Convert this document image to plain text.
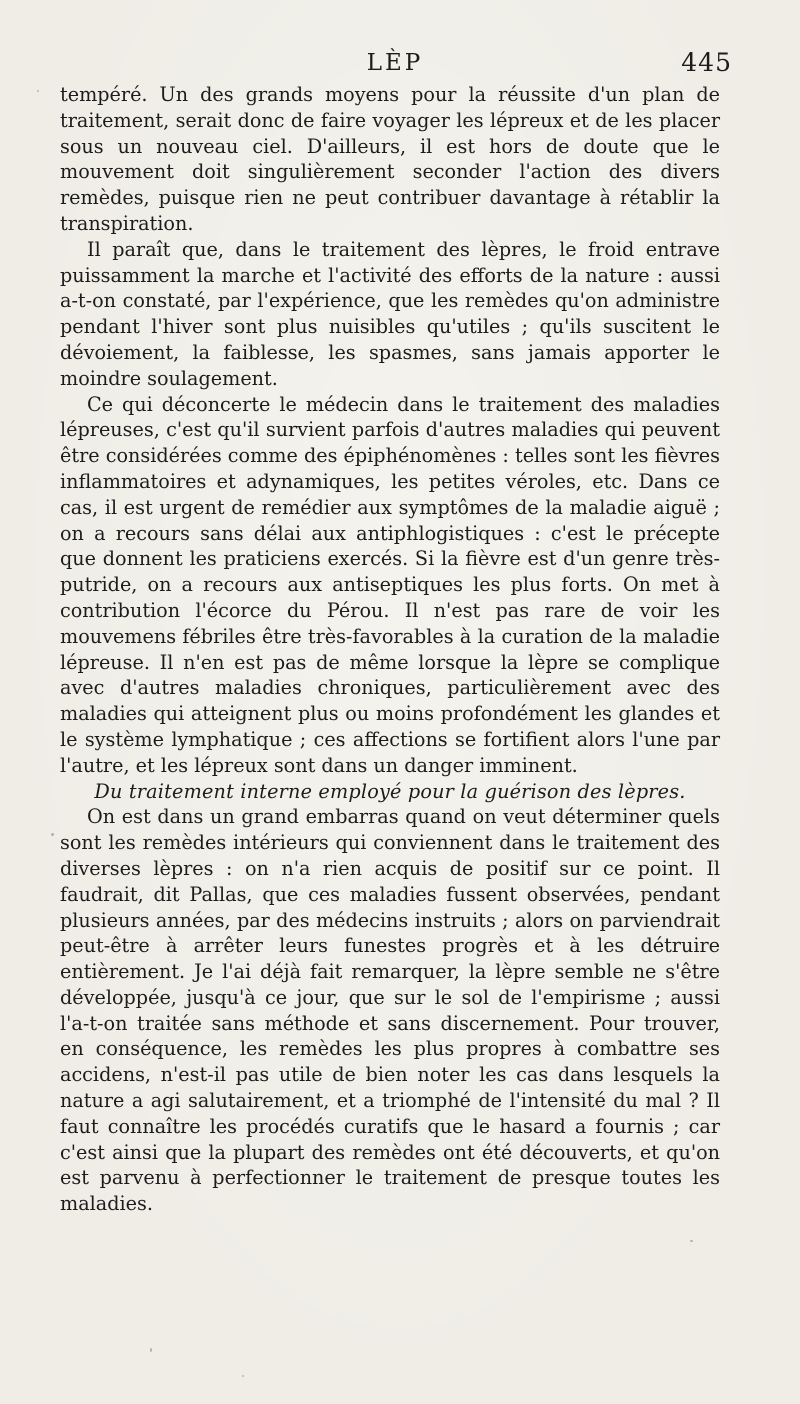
LÈP	445

tempéré. Un des grands moyens pour la réussite d'un plan de traitement, serait donc de faire voyager les lépreux et de les placer sous un nouveau ciel. D'ailleurs, il est hors de doute que le mouvement doit singulièrement seconder l'action des divers remèdes, puisque rien ne peut contribuer davantage à rétablir la transpiration.

Il paraît que, dans le traitement des lèpres, le froid entrave puissamment la marche et l'activité des efforts de la nature : aussi a-t-on constaté, par l'expérience, que les remèdes qu'on administre pendant l'hiver sont plus nuisibles qu'utiles ; qu'ils suscitent le dévoiement, la faiblesse, les spasmes, sans jamais apporter le moindre soulagement.

Ce qui déconcerte le médecin dans le traitement des maladies lépreuses, c'est qu'il survient parfois d'autres maladies qui peuvent être considérées comme des épiphénomènes : telles sont les fièvres inflammatoires et adynamiques, les petites véroles, etc. Dans ce cas, il est urgent de remédier aux symptômes de la maladie aiguë ; on a recours sans délai aux antiphlogistiques : c'est le précepte que donnent les praticiens exercés. Si la fièvre est d'un genre très-putride, on a recours aux antiseptiques les plus forts. On met à contribution l'écorce du Pérou. Il n'est pas rare de voir les mouvemens fébriles être très-favorables à la curation de la maladie lépreuse. Il n'en est pas de même lorsque la lèpre se complique avec d'autres maladies chroniques, particulièrement avec des maladies qui atteignent plus ou moins profondément les glandes et le système lymphatique ; ces affections se fortifient alors l'une par l'autre, et les lépreux sont dans un danger imminent.

Du traitement interne employé pour la guérison des lèpres.

On est dans un grand embarras quand on veut déterminer quels sont les remèdes intérieurs qui conviennent dans le traitement des diverses lèpres : on n'a rien acquis de positif sur ce point. Il faudrait, dit Pallas, que ces maladies fussent observées, pendant plusieurs années, par des médecins instruits ; alors on parviendrait peut-être à arrêter leurs funestes progrès et à les détruire entièrement. Je l'ai déjà fait remarquer, la lèpre semble ne s'être développée, jusqu'à ce jour, que sur le sol de l'empirisme ; aussi l'a-t-on traitée sans méthode et sans discernement. Pour trouver, en conséquence, les remèdes les plus propres à combattre ses accidens, n'est-il pas utile de bien noter les cas dans lesquels la nature a agi salutairement, et a triomphé de l'intensité du mal ? Il faut connaître les procédés curatifs que le hasard a fournis ; car c'est ainsi que la plupart des remèdes ont été découverts, et qu'on est parvenu à perfectionner le traitement de presque toutes les maladies.
